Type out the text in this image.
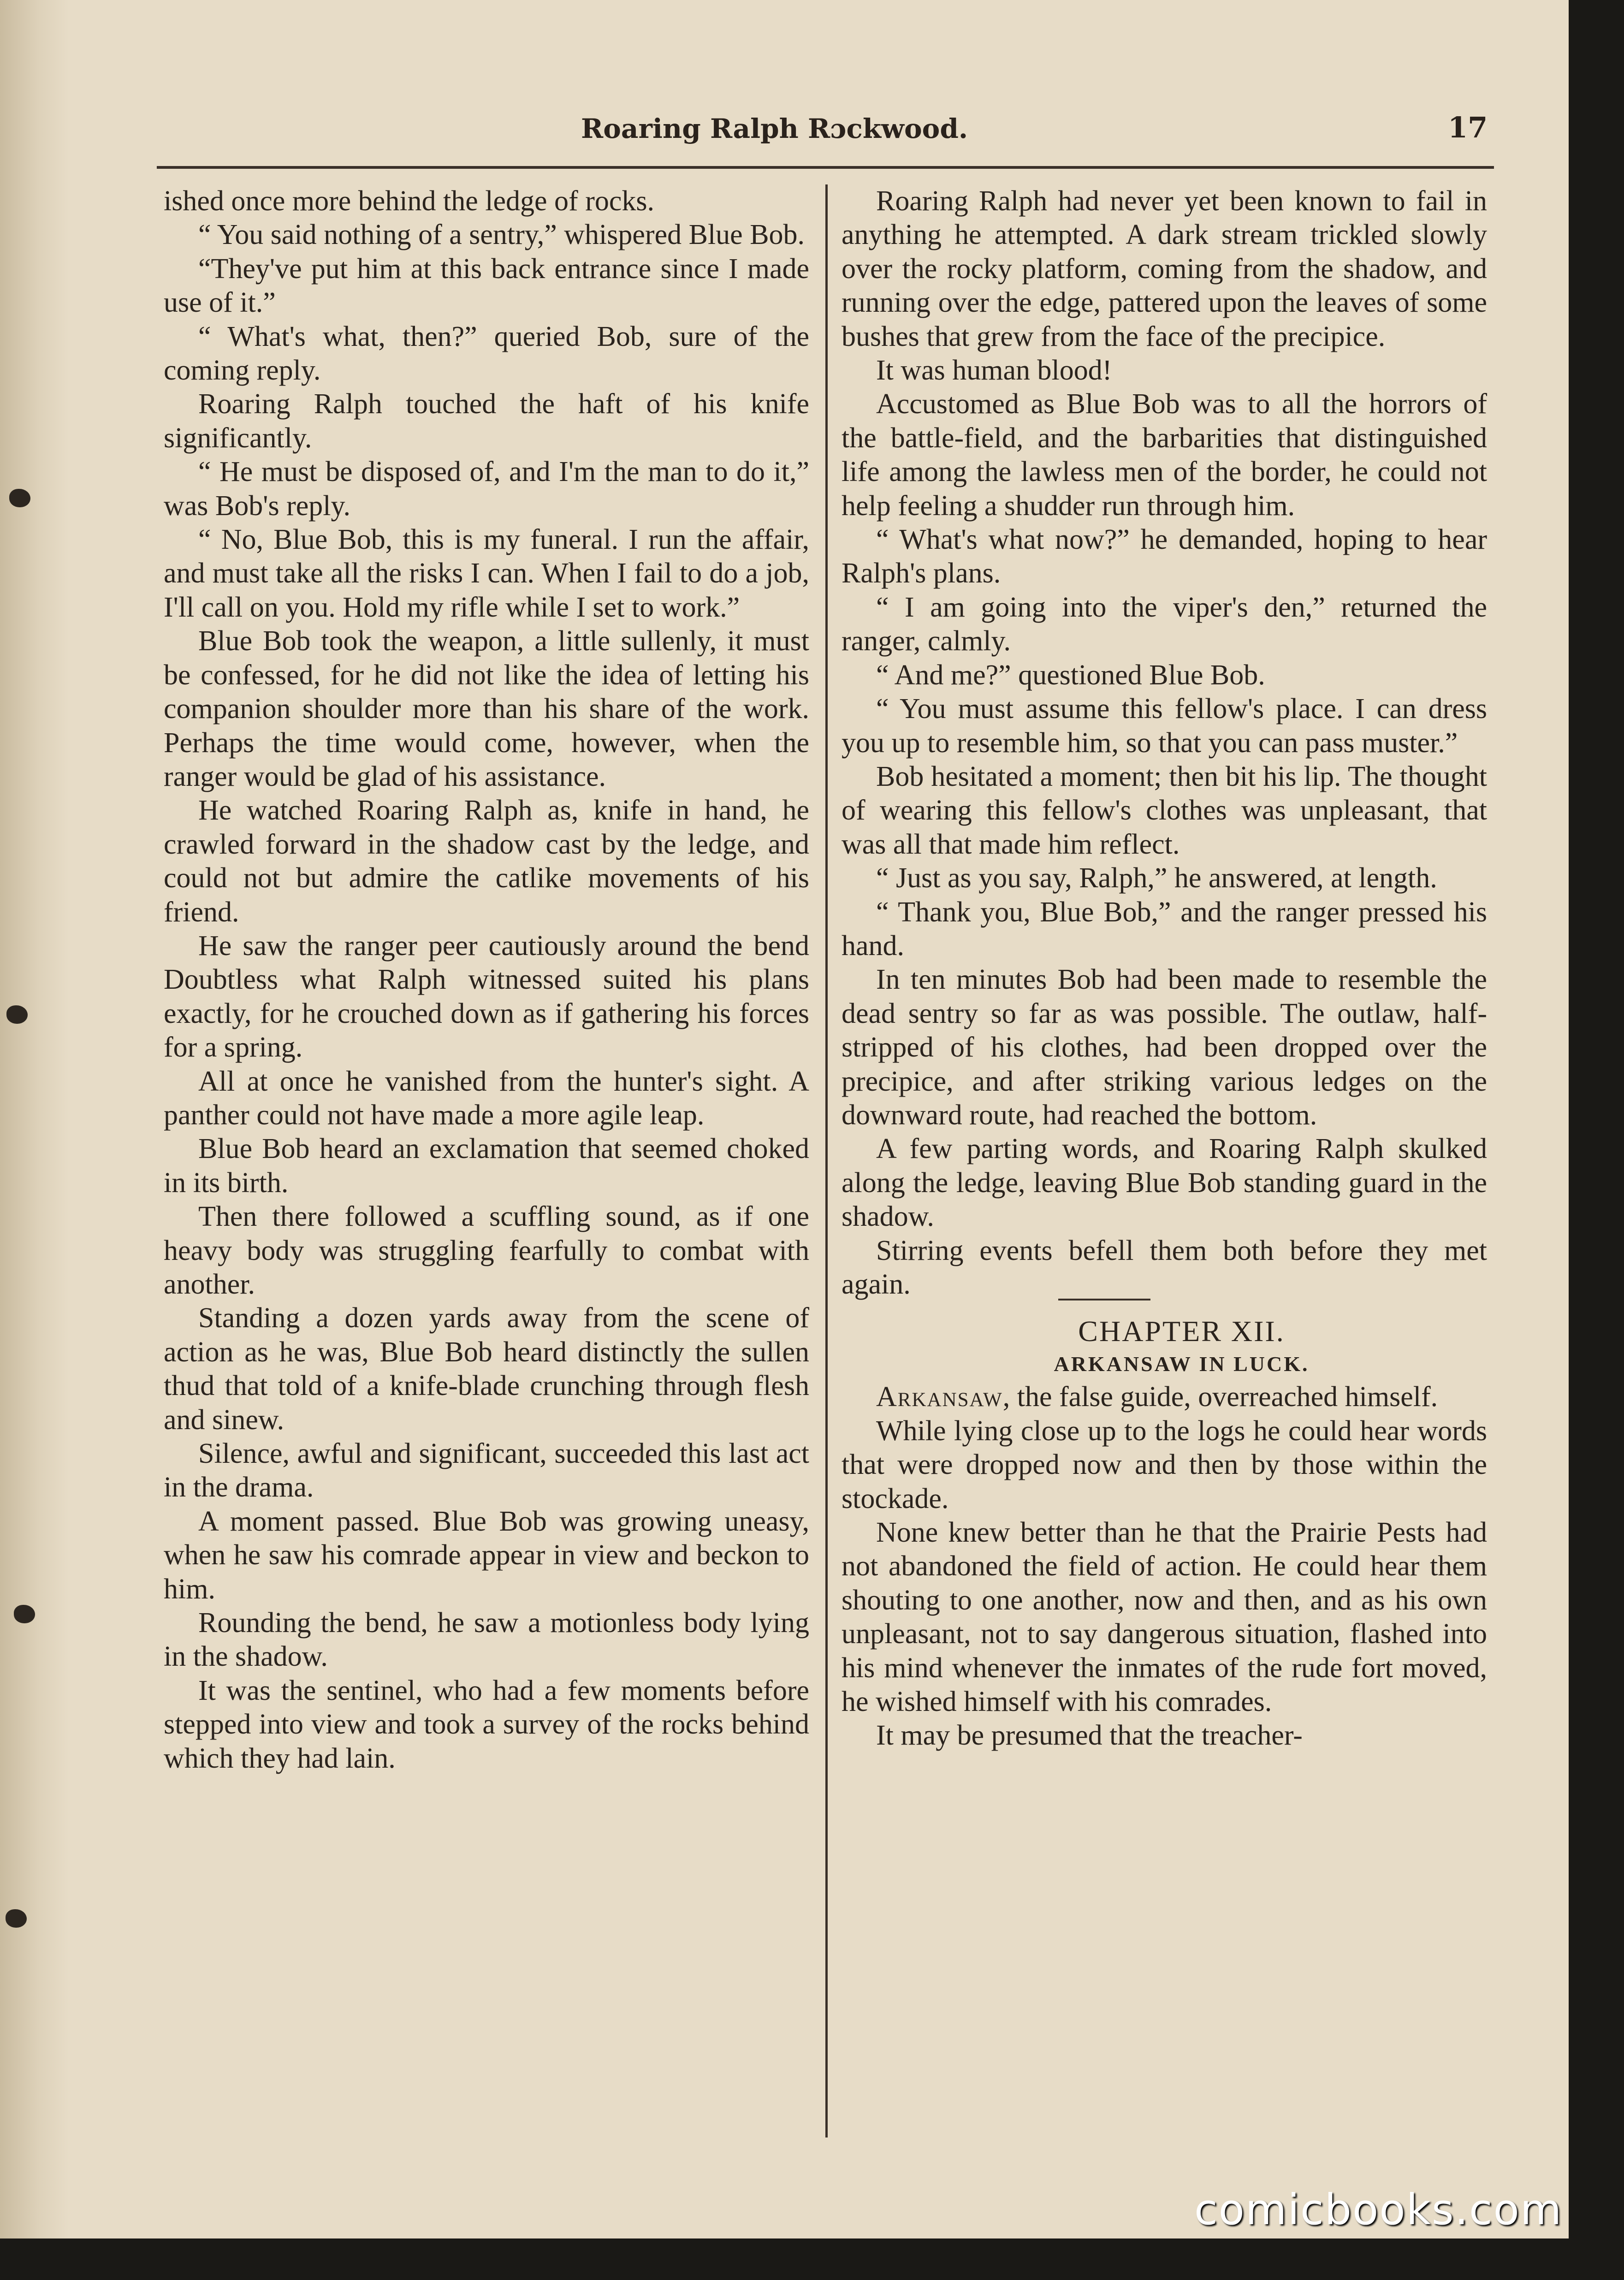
Roaring Ralph Rɔckwood.	17

ished once more behind the ledge of rocks.

“ You said nothing of a sentry,” whispered Blue Bob.

“They've put him at this back entrance since I made use of it.”

“ What's what, then?” queried Bob, sure of the coming reply.

Roaring Ralph touched the haft of his knife significantly.

“ He must be disposed of, and I'm the man to do it,” was Bob's reply.

“ No, Blue Bob, this is my funeral. I run the affair, and must take all the risks I can. When I fail to do a job, I'll call on you. Hold my rifle while I set to work.”

Blue Bob took the weapon, a little sullenly, it must be confessed, for he did not like the idea of letting his companion shoulder more than his share of the work. Perhaps the time would come, however, when the ranger would be glad of his assistance.

He watched Roaring Ralph as, knife in hand, he crawled forward in the shadow cast by the ledge, and could not but admire the catlike movements of his friend.

He saw the ranger peer cautiously around the bend Doubtless what Ralph witnessed suited his plans exactly, for he crouched down as if gathering his forces for a spring.

All at once he vanished from the hunter's sight. A panther could not have made a more agile leap.

Blue Bob heard an exclamation that seemed choked in its birth.

Then there followed a scuffling sound, as if one heavy body was struggling fearfully to combat with another.

Standing a dozen yards away from the scene of action as he was, Blue Bob heard distinctly the sullen thud that told of a knife-blade crunching through flesh and sinew.

Silence, awful and significant, succeeded this last act in the drama.

A moment passed. Blue Bob was growing uneasy, when he saw his comrade appear in view and beckon to him.

Rounding the bend, he saw a motionless body lying in the shadow.

It was the sentinel, who had a few moments before stepped into view and took a survey of the rocks behind which they had lain.

Roaring Ralph had never yet been known to fail in anything he attempted. A dark stream trickled slowly over the rocky platform, coming from the shadow, and running over the edge, pattered upon the leaves of some bushes that grew from the face of the precipice.

It was human blood!

Accustomed as Blue Bob was to all the horrors of the battle-field, and the barbarities that distinguished life among the lawless men of the border, he could not help feeling a shudder run through him.

“ What's what now?” he demanded, hoping to hear Ralph's plans.

“ I am going into the viper's den,” returned the ranger, calmly.

“ And me?” questioned Blue Bob.

“ You must assume this fellow's place. I can dress you up to resemble him, so that you can pass muster.”

Bob hesitated a moment; then bit his lip. The thought of wearing this fellow's clothes was unpleasant, that was all that made him reflect.

“ Just as you say, Ralph,” he answered, at length.

“ Thank you, Blue Bob,” and the ranger pressed his hand.

In ten minutes Bob had been made to resemble the dead sentry so far as was possible. The outlaw, half-stripped of his clothes, had been dropped over the precipice, and after striking various ledges on the downward route, had reached the bottom.

A few parting words, and Roaring Ralph skulked along the ledge, leaving Blue Bob standing guard in the shadow.

Stirring events befell them both before they met again.

CHAPTER XII.

ARKANSAW IN LUCK.

Arkansaw, the false guide, overreached himself.

While lying close up to the logs he could hear words that were dropped now and then by those within the stockade.

None knew better than he that the Prairie Pests had not abandoned the field of action. He could hear them shouting to one another, now and then, and as his own unpleasant, not to say dangerous situation, flashed into his mind whenever the inmates of the rude fort moved, he wished himself with his comrades.

It may be presumed that the treacher-

comicbooks.com
